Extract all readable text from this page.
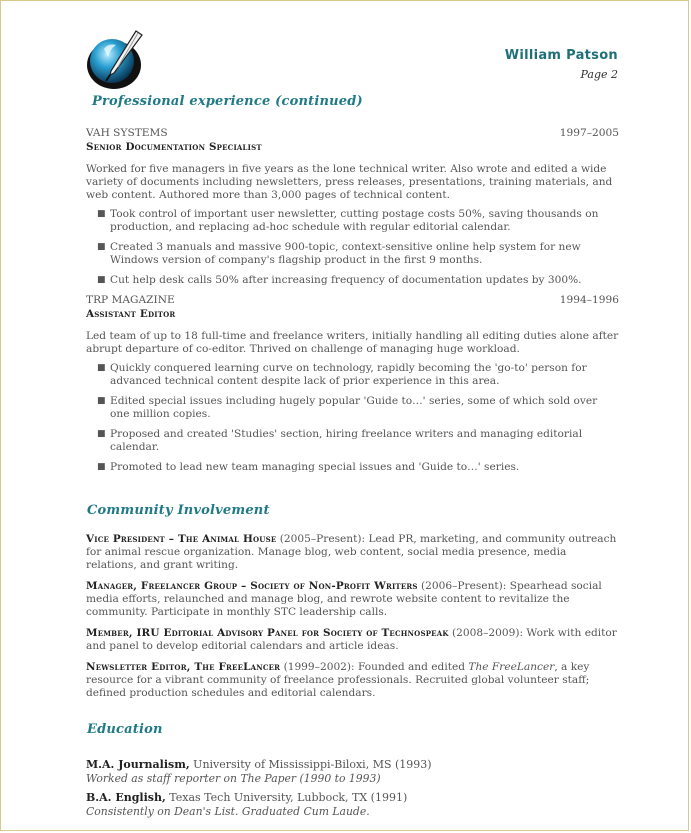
William Patson
Page 2
Professional experience (continued)
VAH SYSTEMS	1997–2005
Senior Documentation Specialist
Worked for five managers in five years as the lone technical writer. Also wrote and edited a wide variety of documents including newsletters, press releases, presentations, training materials, and web content. Authored more than 3,000 pages of technical content.
■ Took control of important user newsletter, cutting postage costs 50%, saving thousands on production, and replacing ad-hoc schedule with regular editorial calendar.
■ Created 3 manuals and massive 900-topic, context-sensitive online help system for new Windows version of company's flagship product in the first 9 months.
■ Cut help desk calls 50% after increasing frequency of documentation updates by 300%.
TRP MAGAZINE	1994–1996
Assistant Editor
Led team of up to 18 full-time and freelance writers, initially handling all editing duties alone after abrupt departure of co-editor. Thrived on challenge of managing huge workload.
■ Quickly conquered learning curve on technology, rapidly becoming the 'go-to' person for advanced technical content despite lack of prior experience in this area.
■ Edited special issues including hugely popular 'Guide to…' series, some of which sold over one million copies.
■ Proposed and created 'Studies' section, hiring freelance writers and managing editorial calendar.
■ Promoted to lead new team managing special issues and 'Guide to…' series.
Community Involvement
Vice President – The Animal House (2005–Present): Lead PR, marketing, and community outreach for animal rescue organization. Manage blog, web content, social media presence, media relations, and grant writing.
Manager, Freelancer Group – Society of Non-Profit Writers (2006–Present): Spearhead social media efforts, relaunched and manage blog, and rewrote website content to revitalize the community. Participate in monthly STC leadership calls.
Member, IRU Editorial Advisory Panel for Society of Technospeak (2008–2009): Work with editor and panel to develop editorial calendars and article ideas.
Newsletter Editor, The FreeLancer (1999–2002): Founded and edited The FreeLancer, a key resource for a vibrant community of freelance professionals. Recruited global volunteer staff; defined production schedules and editorial calendars.
Education
M.A. Journalism, University of Mississippi-Biloxi, MS (1993)
Worked as staff reporter on The Paper (1990 to 1993)
B.A. English, Texas Tech University, Lubbock, TX (1991)
Consistently on Dean's List. Graduated Cum Laude.
